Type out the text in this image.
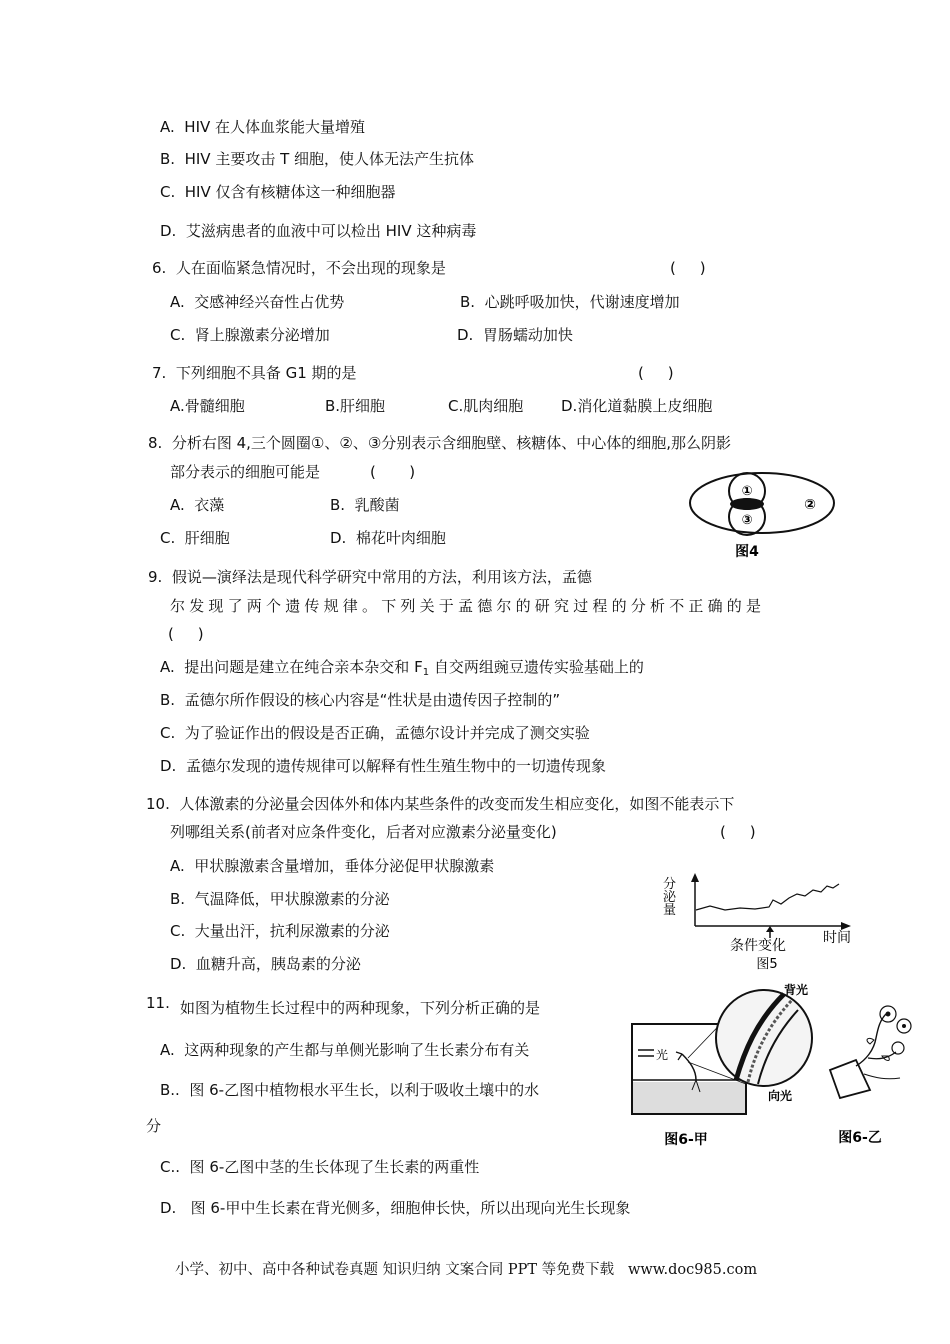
A.  HIV 在人体血浆能大量增殖
B.  HIV 主要攻击 T 细胞，使人体无法产生抗体
C.  HIV 仅含有核糖体这一种细胞器
D.  艾滋病患者的血液中可以检出 HIV 这种病毒
6.  人在面临紧急情况时，不会出现的现象是	(     )
A.  交感神经兴奋性占优势	B.  心跳呼吸加快，代谢速度增加
C.  肾上腺激素分泌增加	D.  胃肠蠕动加快
7.  下列细胞不具备 G1 期的是	(     )
A.骨髓细胞	B.肝细胞	C.肌肉细胞	D.消化道黏膜上皮细胞
8.  分析右图 4,三个圆圈①、②、③分别表示含细胞壁、核糖体、中心体的细胞,那么阴影
部分表示的细胞可能是	(       )
A.  衣藻	B.  乳酸菌
C.  肝细胞	D.  棉花叶肉细胞
①
②
③
图4
9.  假说—演绎法是现代科学研究中常用的方法，利用该方法，孟德
尔发现了两个遗传规律。下列关于孟德尔的研究过程的分析不正确的是
(     )
A.  提出问题是建立在纯合亲本杂交和 $F_1$ 自交两组豌豆遗传实验基础上的
B.  孟德尔所作假设的核心内容是“性状是由遗传因子控制的”
C.  为了验证作出的假设是否正确，孟德尔设计并完成了测交实验
D.  孟德尔发现的遗传规律可以解释有性生殖生物中的一切遗传现象
10.  人体激素的分泌量会因体外和体内某些条件的改变而发生相应变化，如图不能表示下
列哪组关系(前者对应条件变化，后者对应激素分泌量变化)	(     )
A.  甲状腺激素含量增加，垂体分泌促甲状腺激素
B.  气温降低，甲状腺激素的分泌
C.  大量出汗，抗利尿激素的分泌
D.  血糖升高，胰岛素的分泌
分
泌
量
条件变化	时间
图5
11. 如图为植物生长过程中的两种现象，下列分析正确的是
A.  这两种现象的产生都与单侧光影响了生长素分布有关
B..  图 6-乙图中植物根水平生长，以利于吸收土壤中的水
分
C..  图 6-乙图中茎的生长体现了生长素的两重性
D.   图 6-甲中生长素在背光侧多，细胞伸长快，所以出现向光生长现象
光
背光
向光
图6-甲	图6-乙
小学、初中、高中各种试卷真题 知识归纳 文案合同 PPT 等免费下载   www.doc985.com
